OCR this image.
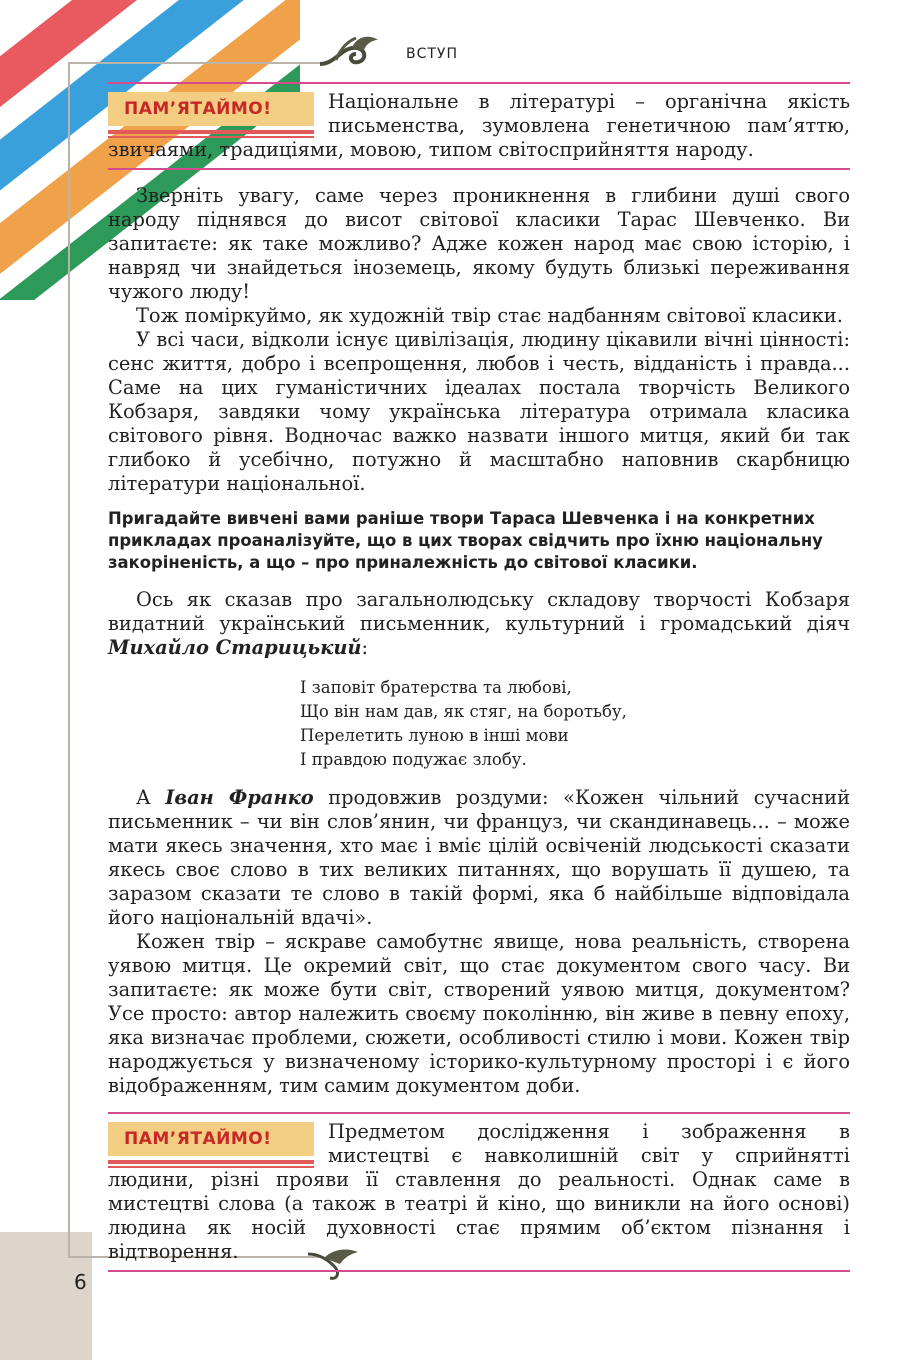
ВСТУП
6
ПАМ’ЯТАЙМО!	Національне в літературі – органічна якість письменства, зумовлена генетичною пам’яттю, звичаями, традиціями, мовою, типом світосприйняття народу.

Зверніть увагу, саме через проникнення в глибини душі свого народу піднявся до висот світової класики Тарас Шевченко. Ви запитаєте: як таке можливо? Адже кожен народ має свою історію, і навряд чи знайдеться іноземець, якому будуть близькі переживання чужого люду!

Тож поміркуймо, як художній твір стає надбанням світової класики.

У всі часи, відколи існує цивілізація, людину цікавили вічні цінності: сенс життя, добро і всепрощення, любов і честь, відданість і правда... Саме на цих гуманістичних ідеалах постала творчість Великого Кобзаря, завдяки чому українська література отримала класика світового рівня. Водночас важко назвати іншого митця, який би так глибоко й усебічно, потужно й масштабно наповнив скарбницю літератури національної.

Пригадайте вивчені вами раніше твори Тараса Шевченка і на конкретних прикладах проаналізуйте, що в цих творах свідчить про їхню національну закоріненість, а що – про приналежність до світової класики.

Ось як сказав про загальнолюдську складову творчості Кобзаря видатний український письменник, культурний і громадський діяч Михайло Старицький:

І заповіт братерства та любові,
Що він нам дав, як стяг, на боротьбу,
Перелетить луною в інші мови
І правдою подужає злобу.

А Іван Франко продовжив роздуми: «Кожен чільний сучасний письменник – чи він слов’янин, чи француз, чи скандинавець... – може мати якесь значення, хто має і вміє цілій освіченій людськості сказати якесь своє слово в тих великих питаннях, що ворушать її душею, та заразом сказати те слово в такій формі, яка б найбільше відповідала його національній вдачі».

Кожен твір – яскраве самобутнє явище, нова реальність, створена уявою митця. Це окремий світ, що стає документом свого часу. Ви запитаєте: як може бути світ, створений уявою митця, документом? Усе просто: автор належить своєму поколінню, він живе в певну епоху, яка визначає проблеми, сюжети, особливості стилю і мови. Кожен твір народжується у визначеному історико-культурному просторі і є його відображенням, тим самим документом доби.

ПАМ’ЯТАЙМО!	Предметом дослідження і зображення в мистецтві є навколишній світ у сприйнятті людини, різні прояви її ставлення до реальності. Однак саме в мистецтві слова (а також в театрі й кіно, що виникли на його основі) людина як носій духовності стає прямим об’єктом пізнання і відтворення.
